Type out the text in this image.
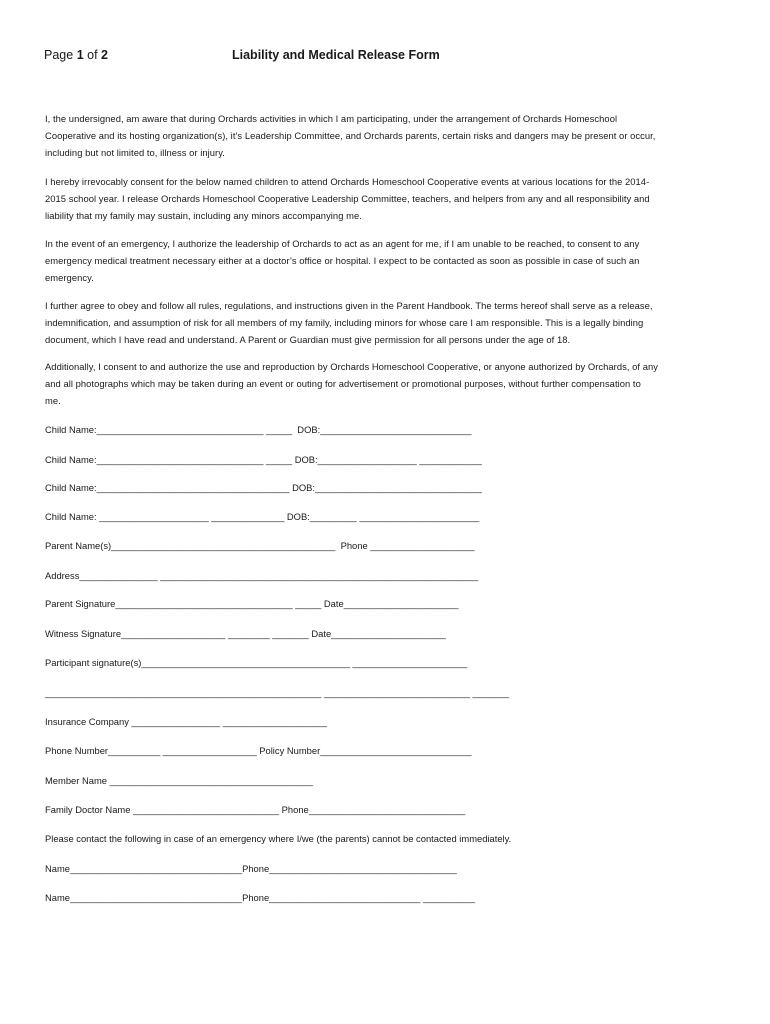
Page 1 of 2	Liability and Medical Release Form
I, the undersigned, am aware that during Orchards activities in which I am participating, under the arrangement of Orchards Homeschool
Cooperative and its hosting organization(s), it’s Leadership Committee, and Orchards parents, certain risks and dangers may be present or occur,
including but not limited to, illness or injury.
I hereby irrevocably consent for the below named children to attend Orchards Homeschool Cooperative events at various locations for the 2014-
2015 school year. I release Orchards Homeschool Cooperative Leadership Committee, teachers, and helpers from any and all responsibility and
liability that my family may sustain, including any minors accompanying me.
In the event of an emergency, I authorize the leadership of Orchards to act as an agent for me, if I am unable to be reached, to consent to any
emergency medical treatment necessary either at a doctor’s office or hospital. I expect to be contacted as soon as possible in case of such an
emergency.
I further agree to obey and follow all rules, regulations, and instructions given in the Parent Handbook. The terms hereof shall serve as a release,
indemnification, and assumption of risk for all members of my family, including minors for whose care I am responsible. This is a legally binding
document, which I have read and understand. A Parent or Guardian must give permission for all persons under the age of 18.
Additionally, I consent to and authorize the use and reproduction by Orchards Homeschool Cooperative, or anyone authorized by Orchards, of any
and all photographs which may be taken during an event or outing for advertisement or promotional purposes, without further compensation to
me.
Child Name:________________________________ _____  DOB:_____________________________
Child Name:________________________________ _____ DOB:___________________ ____________
Child Name:_____________________________________ DOB:________________________________
Child Name: _____________________ ______________ DOB:_________ _______________________
Parent Name(s)___________________________________________  Phone ____________________
Address_______________ _____________________________________________________________
Parent Signature__________________________________ _____ Date______________________
Witness Signature____________________ ________ _______ Date______________________
Participant signature(s)________________________________________ ______________________
_____________________________________________________ ____________________________ _______
Insurance Company _________________ ____________________
Phone Number__________ __________________ Policy Number_____________________________
Member Name _______________________________________
Family Doctor Name ____________________________ Phone______________________________
Please contact the following in case of an emergency where I/we (the parents) cannot be contacted immediately.
Name_________________________________Phone____________________________________
Name_________________________________Phone_____________________________ __________
